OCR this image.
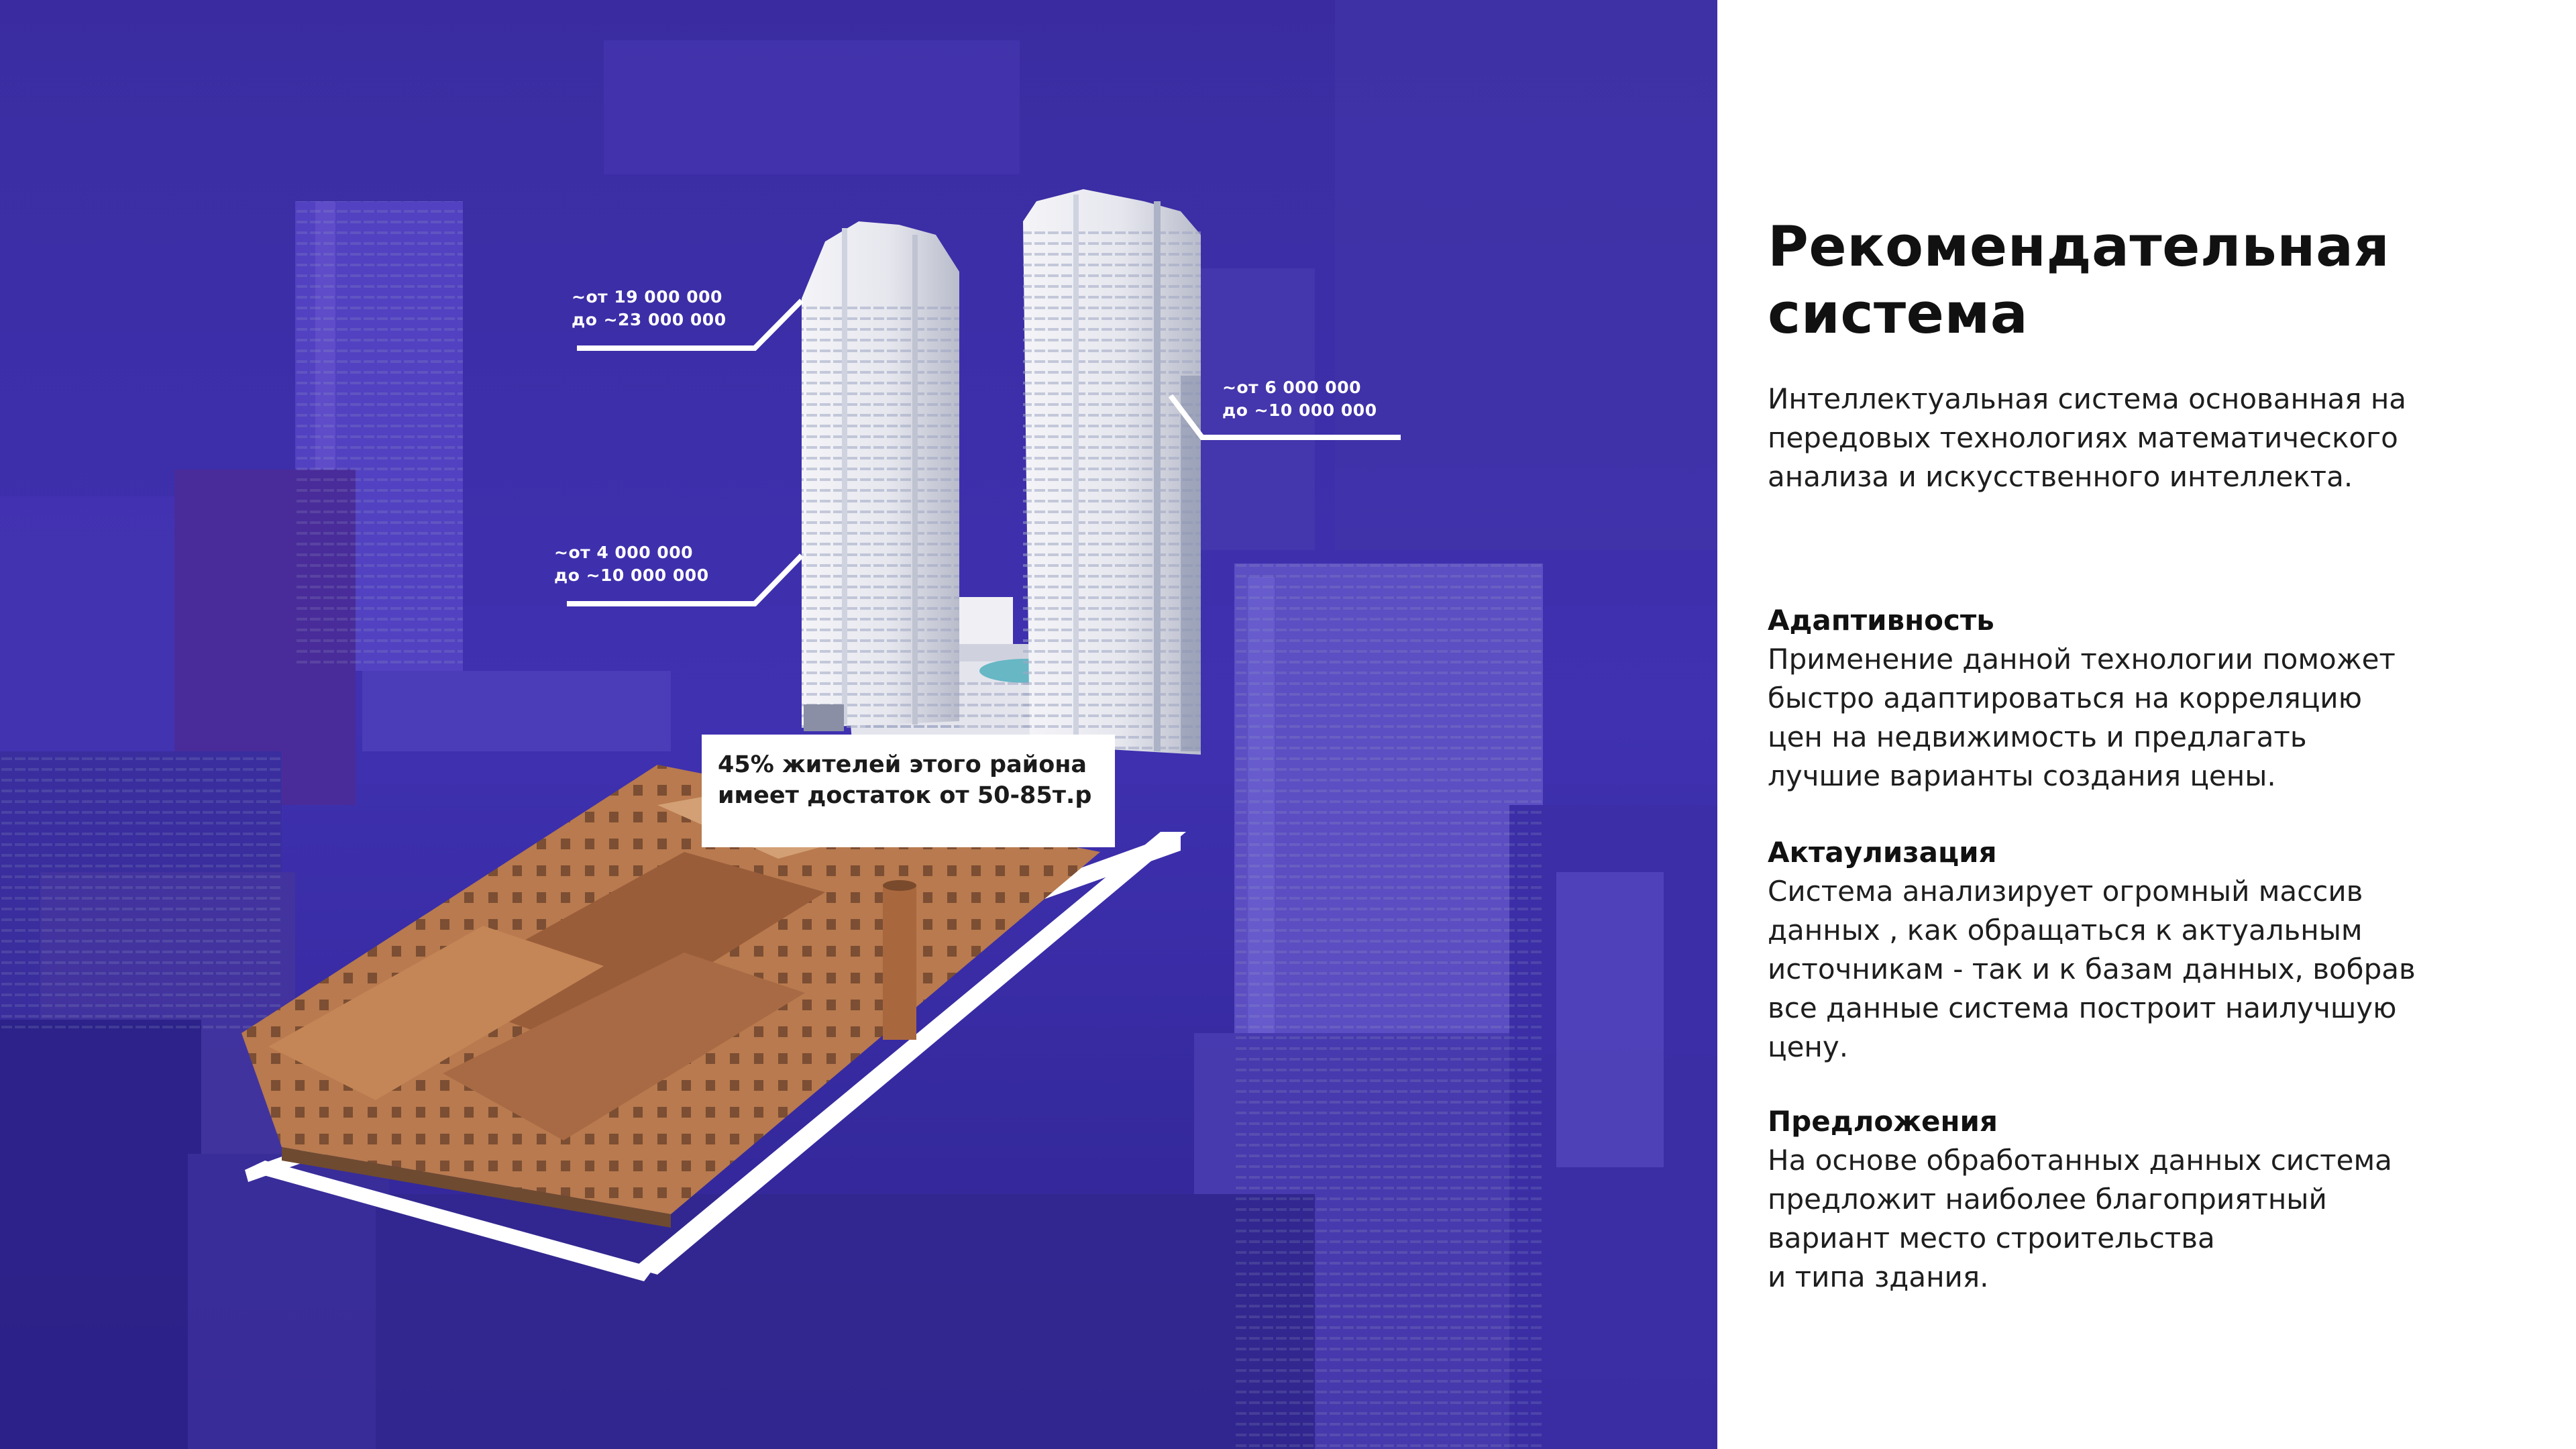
~от 19 000 000
до ~23 000 000
~от 6 000 000
до ~10 000 000
~от 4 000 000
до ~10 000 000
45% жителей этого района
имеет достаток от 50-85т.р
Рекомендательная
система
Интеллектуальная система основанная на
передовых технологиях математического
анализа и искусственного интеллекта.
Адаптивность
Применение данной технологии поможет
быстро адаптироваться на корреляцию
цен на недвижимость и предлагать
лучшие варианты создания цены.
Актаулизация
Система анализирует огромный массив
данных , как обращаться к актуальным
источникам - так и к базам данных, вобрав
все данные система построит наилучшую
цену.
Предложения
На основе обработанных данных система
предложит наиболее благоприятный
вариант место строительства
и типа здания.
